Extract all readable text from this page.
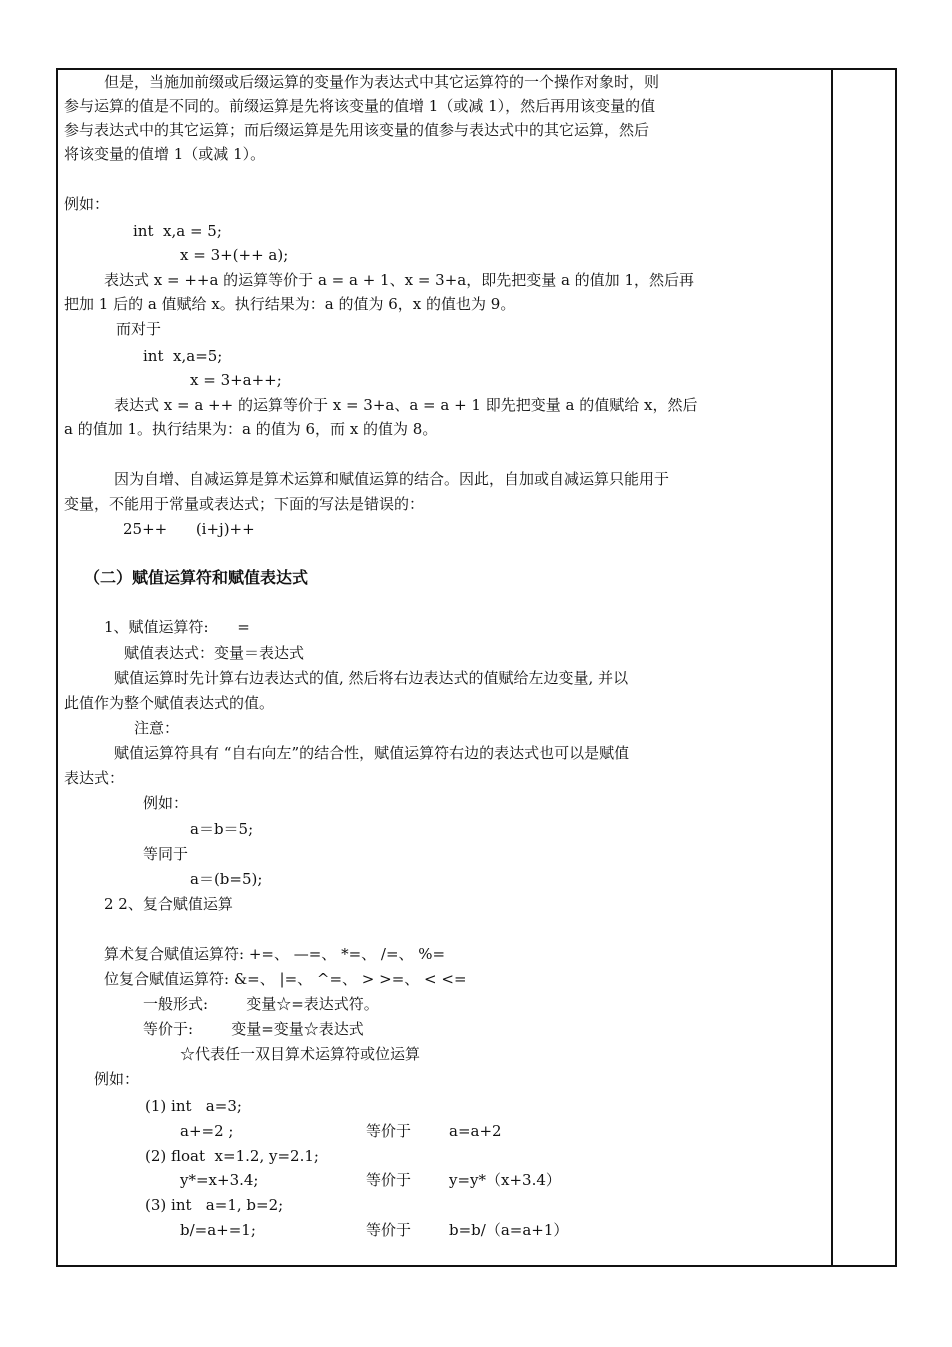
但是，当施加前缀或后缀运算的变量作为表达式中其它运算符的一个操作对象时，则
参与运算的值是不同的。前缀运算是先将该变量的值增 1（或减 1），然后再用该变量的值
参与表达式中的其它运算；而后缀运算是先用该变量的值参与表达式中的其它运算，然后
将该变量的值增 1（或减 1）。
例如：
int  x,a = 5;
x = 3+(++ a);
表达式 x = ++a 的运算等价于 a = a + 1、x = 3+a，即先把变量 a 的值加 1，然后再
把加 1 后的 a 值赋给 x。执行结果为：a 的值为 6，x 的值也为 9。
而对于
int  x,a=5;
x = 3+a++;
表达式 x = a ++ 的运算等价于 x = 3+a、a = a + 1 即先把变量 a 的值赋给 x，然后
a 的值加 1。执行结果为：a 的值为 6，而 x 的值为 8。
因为自增、自减运算是算术运算和赋值运算的结合。因此，自加或自减运算只能用于
变量，不能用于常量或表达式；下面的写法是错误的：
25++      (i+j)++
（二）赋值运算符和赋值表达式
1、赋值运算符:      =
赋值表达式：变量＝表达式
赋值运算时先计算右边表达式的值, 然后将右边表达式的值赋给左边变量, 并以
此值作为整个赋值表达式的值。
注意：
赋值运算符具有 “自右向左”的结合性，赋值运算符右边的表达式也可以是赋值
表达式：
例如：
a＝b＝5;
等同于
a＝(b=5);
2 2、复合赋值运算
算术复合赋值运算符: +=、 —=、 *=、 /=、 %=
位复合赋值运算符: &=、 |=、 ^=、 > >=、 < <=
一般形式:        变量☆=表达式符。
等价于:        变量=变量☆表达式
☆代表任一双目算术运算符或位运算
例如：
(1) int   a=3;
a+=2 ;	等价于	a=a+2
(2) float  x=1.2, y=2.1;
y*=x+3.4;	等价于	y=y*（x+3.4）
(3) int   a=1, b=2;
b/=a+=1;	等价于	b=b/（a=a+1）
